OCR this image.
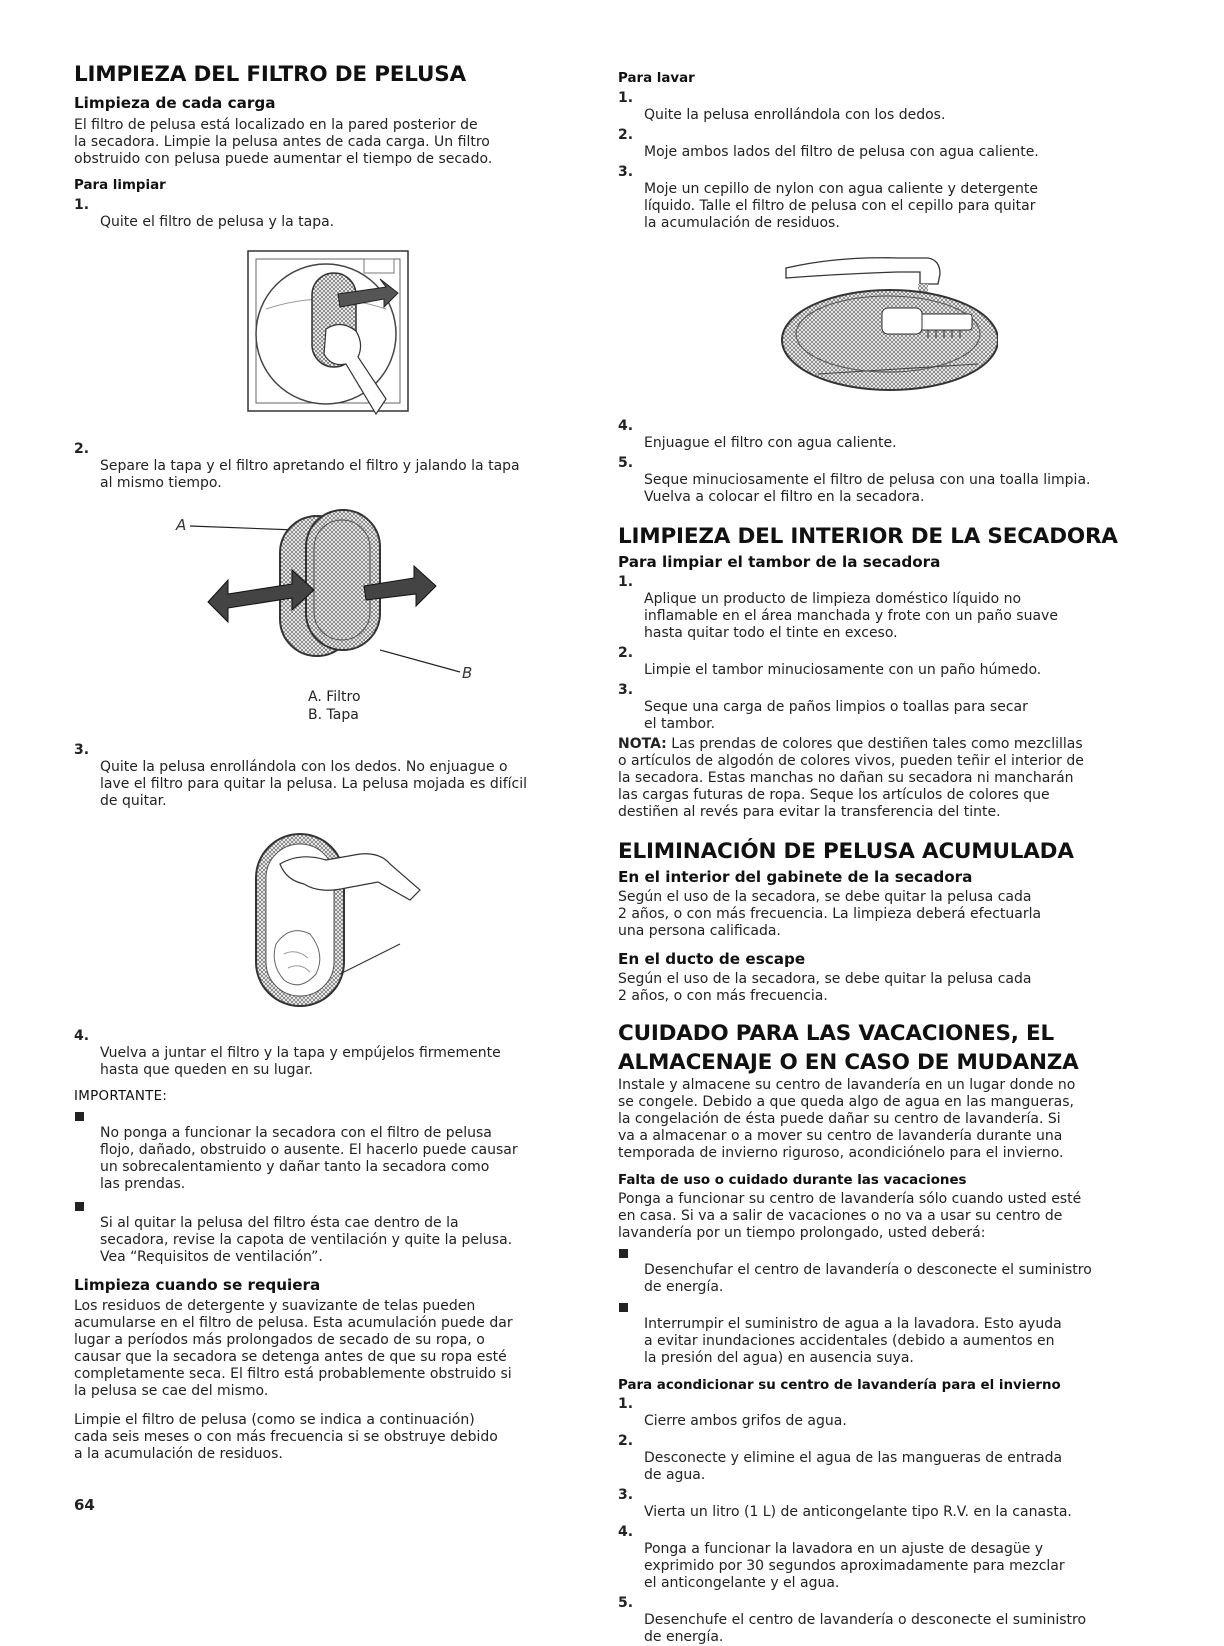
LIMPIEZA DEL FILTRO DE PELUSA
Limpieza de cada carga

El filtro de pelusa está localizado en la pared posterior de
la secadora. Limpie la pelusa antes de cada carga. Un filtro
obstruido con pelusa puede aumentar el tiempo de secado.

Para limpiar

1.
Quite el filtro de pelusa y la tapa.

2.
Separe la tapa y el filtro apretando el filtro y jalando la tapa
al mismo tiempo.

A
B
A. Filtro
B. Tapa

3.
Quite la pelusa enrollándola con los dedos. No enjuague o
lave el filtro para quitar la pelusa. La pelusa mojada es difícil
de quitar.

4.
Vuelva a juntar el filtro y la tapa y empújelos firmemente
hasta que queden en su lugar.

IMPORTANTE:

No ponga a funcionar la secadora con el filtro de pelusa
flojo, dañado, obstruido o ausente. El hacerlo puede causar
un sobrecalentamiento y dañar tanto la secadora como
las prendas.

Si al quitar la pelusa del filtro ésta cae dentro de la
secadora, revise la capota de ventilación y quite la pelusa.
Vea “Requisitos de ventilación”.

Limpieza cuando se requiera

Los residuos de detergente y suavizante de telas pueden
acumularse en el filtro de pelusa. Esta acumulación puede dar
lugar a períodos más prolongados de secado de su ropa, o
causar que la secadora se detenga antes de que su ropa esté
completamente seca. El filtro está probablemente obstruido si
la pelusa se cae del mismo.

Limpie el filtro de pelusa (como se indica a continuación)
cada seis meses o con más frecuencia si se obstruye debido
a la acumulación de residuos.

64
Para lavar

1.
Quite la pelusa enrollándola con los dedos.

2.
Moje ambos lados del filtro de pelusa con agua caliente.

3.
Moje un cepillo de nylon con agua caliente y detergente
líquido. Talle el filtro de pelusa con el cepillo para quitar
la acumulación de residuos.

4.
Enjuague el filtro con agua caliente.

5.
Seque minuciosamente el filtro de pelusa con una toalla limpia.
Vuelva a colocar el filtro en la secadora.

LIMPIEZA DEL INTERIOR DE LA SECADORA
Para limpiar el tambor de la secadora

1.
Aplique un producto de limpieza doméstico líquido no
inflamable en el área manchada y frote con un paño suave
hasta quitar todo el tinte en exceso.

2.
Limpie el tambor minuciosamente con un paño húmedo.

3.
Seque una carga de paños limpios o toallas para secar
el tambor.

NOTA: Las prendas de colores que destiñen tales como mezclillas
o artículos de algodón de colores vivos, pueden teñir el interior de
la secadora. Estas manchas no dañan su secadora ni mancharán
las cargas futuras de ropa. Seque los artículos de colores que
destiñen al revés para evitar la transferencia del tinte.

ELIMINACIÓN DE PELUSA ACUMULADA
En el interior del gabinete de la secadora

Según el uso de la secadora, se debe quitar la pelusa cada
2 años, o con más frecuencia. La limpieza deberá efectuarla
una persona calificada.

En el ducto de escape

Según el uso de la secadora, se debe quitar la pelusa cada
2 años, o con más frecuencia.

CUIDADO PARA LAS VACACIONES, EL
ALMACENAJE O EN CASO DE MUDANZA

Instale y almacene su centro de lavandería en un lugar donde no
se congele. Debido a que queda algo de agua en las mangueras,
la congelación de ésta puede dañar su centro de lavandería. Si
va a almacenar o a mover su centro de lavandería durante una
temporada de invierno riguroso, acondiciónelo para el invierno.

Falta de uso o cuidado durante las vacaciones

Ponga a funcionar su centro de lavandería sólo cuando usted esté
en casa. Si va a salir de vacaciones o no va a usar su centro de
lavandería por un tiempo prolongado, usted deberá:

Desenchufar el centro de lavandería o desconecte el suministro
de energía.

Interrumpir el suministro de agua a la lavadora. Esto ayuda
a evitar inundaciones accidentales (debido a aumentos en
la presión del agua) en ausencia suya.

Para acondicionar su centro de lavandería para el invierno

1.
Cierre ambos grifos de agua.

2.
Desconecte y elimine el agua de las mangueras de entrada
de agua.

3.
Vierta un litro (1 L) de anticongelante tipo R.V. en la canasta.

4.
Ponga a funcionar la lavadora en un ajuste de desagüe y
exprimido por 30 segundos aproximadamente para mezclar
el anticongelante y el agua.

5.
Desenchufe el centro de lavandería o desconecte el suministro
de energía.
